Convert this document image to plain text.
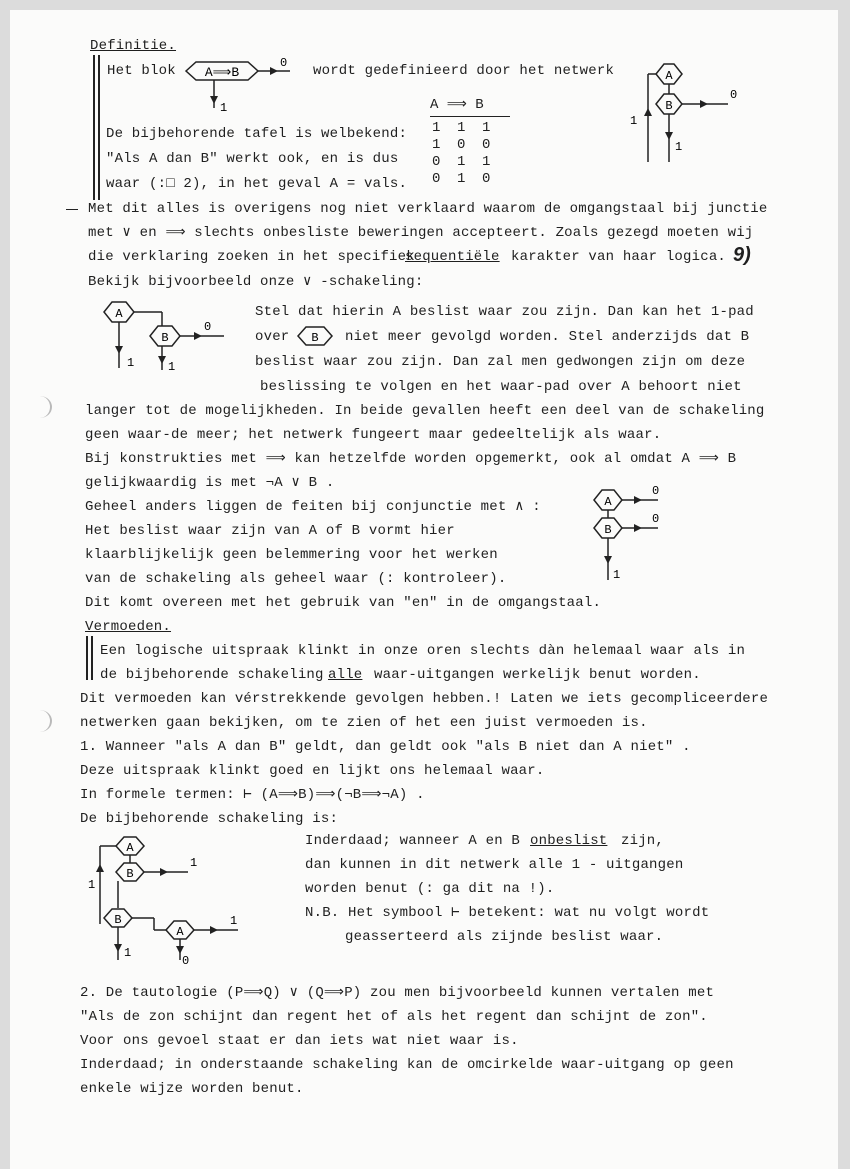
Definitie.
Het blok A⟹B
0
1
wordt gedefinieerd door het netwerk	A
1
B
0
1
A ⟹ B
1 1 1
1 0 0
0 1 1
0 1 0
De bijbehorende tafel is welbekend:
"Als A dan B" werkt ook, en is dus
waar (:□ 2), in het geval A = vals.
Met dit alles is overigens nog niet verklaard waarom de omgangstaal bij junctie
met ∨ en ⟹ slechts onbesliste beweringen accepteert. Zoals gezegd moeten wij
die verklaring zoeken in het specifiek
sequentiële karakter van haar logica. 9)
Bekijk bijvoorbeeld onze ∨ -schakeling:
A
1
B
0
1
Stel dat hierin A beslist waar zou zijn. Dan kan het 1-pad
over B niet meer gevolgd worden. Stel anderzijds dat B
beslist waar zou zijn. Dan zal men gedwongen zijn om deze
beslissing te volgen en het waar-pad over A behoort niet
langer tot de mogelijkheden. In beide gevallen heeft een deel van de schakeling
geen waar-de meer; het netwerk fungeert maar gedeeltelijk als waar.
Bij konstrukties met ⟹ kan hetzelfde worden opgemerkt, ook al omdat A ⟹ B
gelijkwaardig is met ¬A ∨ B .
Geheel anders liggen de feiten bij conjunctie met ∧ :
Het beslist waar zijn van A of B vormt hier
klaarblijkelijk geen belemmering voor het werken
van de schakeling als geheel waar (: kontroleer).
Dit komt overeen met het gebruik van "en" in de omgangstaal.
A
0
B
0
1
Vermoeden.
Een logische uitspraak klinkt in onze oren slechts dàn helemaal waar als in
de bijbehorende schakeling alle waar-uitgangen werkelijk benut worden.
Dit vermoeden kan vérstrekkende gevolgen hebben.! Laten we iets gecompliceerdere
netwerken gaan bekijken, om te zien of het een juist vermoeden is.
1. Wanneer "als A dan B" geldt, dan geldt ook "als B niet dan A niet" .
Deze uitspraak klinkt goed en lijkt ons helemaal waar.
In formele termen: ⊢ (A⟹B)⟹(¬B⟹¬A) .
De bijbehorende schakeling is:
A
1
B
1
B
1
A
1
0
Inderdaad; wanneer A en B onbeslist zijn,
dan kunnen in dit netwerk alle 1 - uitgangen
worden benut (: ga dit na !).
N.B. Het symbool ⊢ betekent: wat nu volgt wordt
geasserteerd als zijnde beslist waar.
2. De tautologie (P⟹Q) ∨ (Q⟹P) zou men bijvoorbeeld kunnen vertalen met
"Als de zon schijnt dan regent het of als het regent dan schijnt de zon".
Voor ons gevoel staat er dan iets wat niet waar is.
Inderdaad; in onderstaande schakeling kan de omcirkelde waar-uitgang op geen
enkele wijze worden benut.
